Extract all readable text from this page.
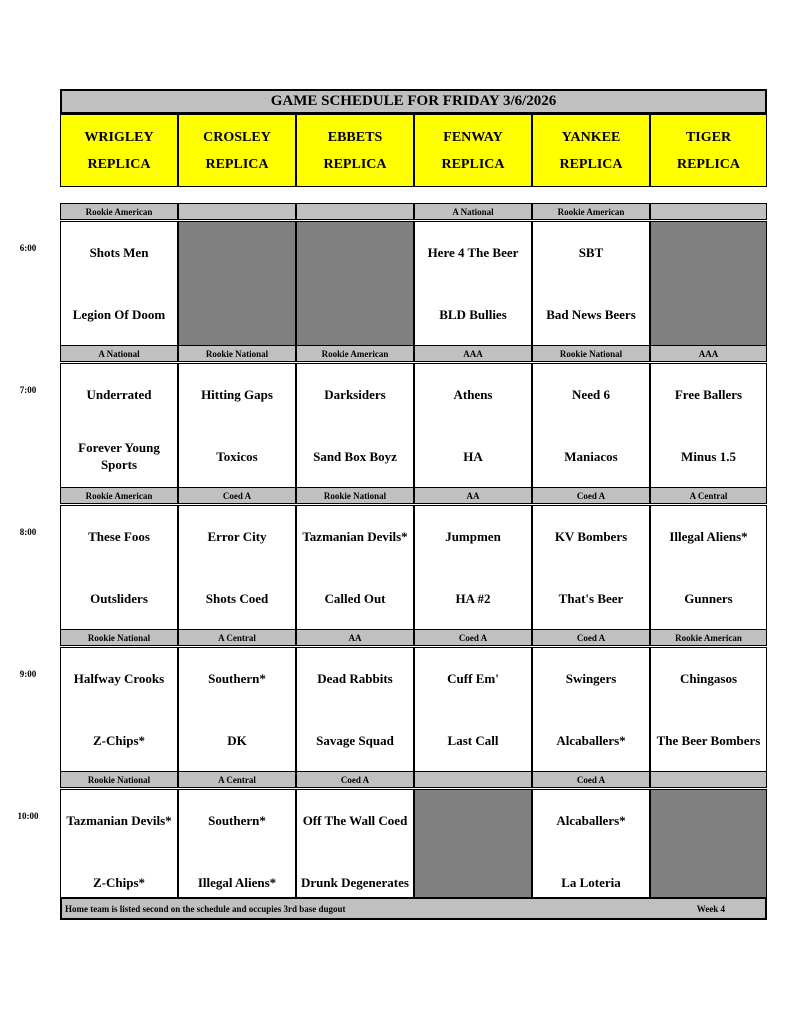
GAME SCHEDULE FOR FRIDAY 3/6/2026
WRIGLEY
REPLICA
CROSLEY
REPLICA
EBBETS
REPLICA
FENWAY
REPLICA
YANKEE
REPLICA
TIGER
REPLICA
Rookie American
Shots Men
Legion Of Doom
A National
Here 4 The Beer
BLD Bullies
Rookie American
SBT
Bad News Beers
A National
Underrated
Forever Young Sports
Rookie National
Hitting Gaps
Toxicos
Rookie American
Darksiders
Sand Box Boyz
AAA
Athens
HA
Rookie National
Need 6
Maniacos
AAA
Free Ballers
Minus 1.5
Rookie American
These Foos
Outsliders
Coed A
Error City
Shots Coed
Rookie National
Tazmanian Devils*
Called Out
AA
Jumpmen
HA #2
Coed A
KV Bombers
That's Beer
A Central
Illegal Aliens*
Gunners
Rookie National
Halfway Crooks
Z-Chips*
A Central
Southern*
DK
AA
Dead Rabbits
Savage Squad
Coed A
Cuff Em'
Last Call
Coed A
Swingers
Alcaballers*
Rookie American
Chingasos
The Beer Bombers
Rookie National
Tazmanian Devils*
Z-Chips*
A Central
Southern*
Illegal Aliens*
Coed A
Off The Wall Coed
Drunk Degenerates
Coed A
Alcaballers*
La Loteria
Home team is listed second on the schedule and occupies 3rd base dugout	Week 4
6:00
7:00
8:00
9:00
10:00
